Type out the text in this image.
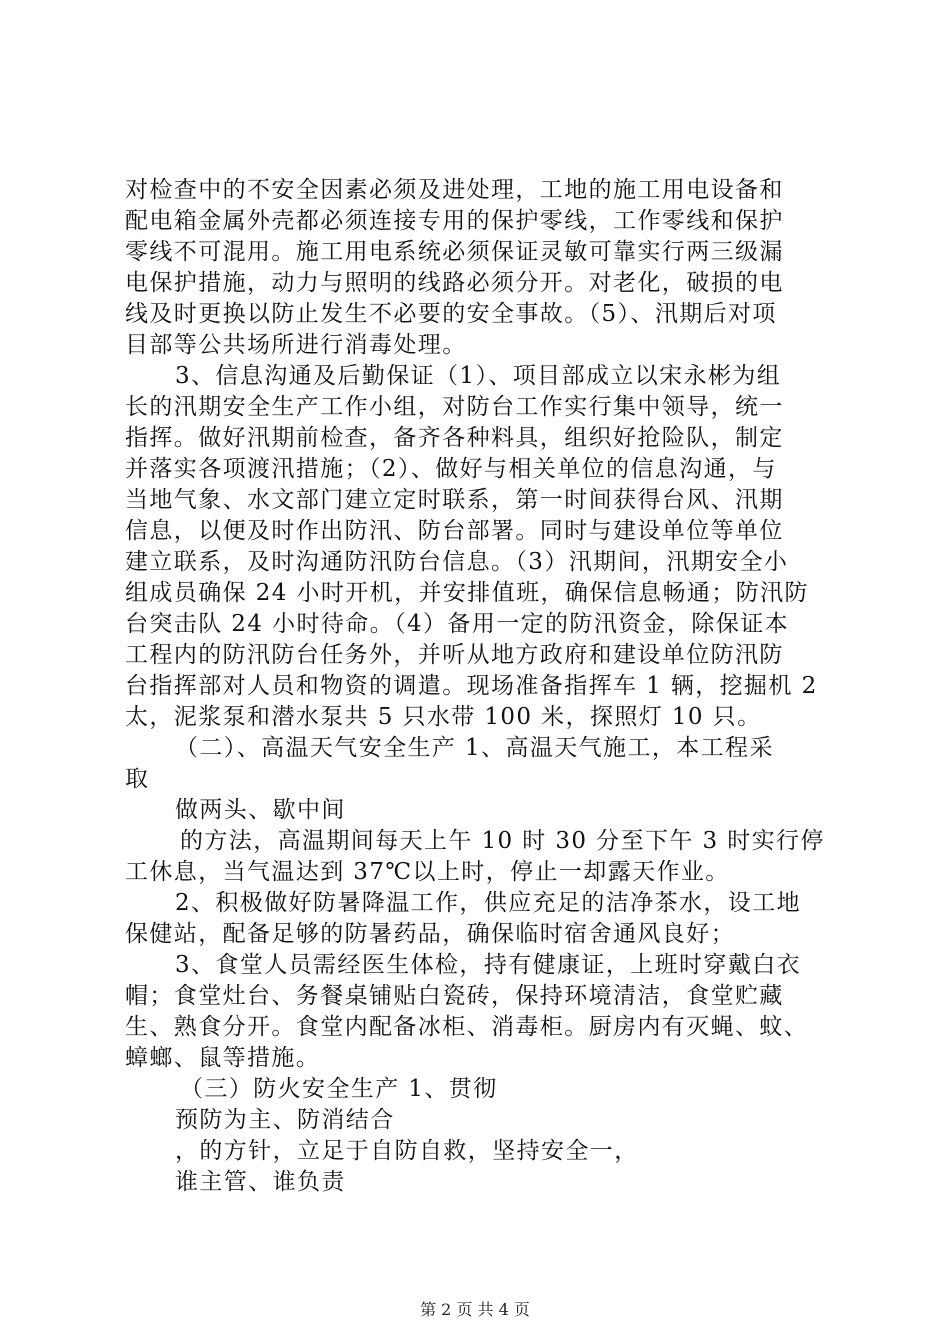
对检查中的不安全因素必须及进处理，工地的施工用电设备和
配电箱金属外壳都必须连接专用的保护零线，工作零线和保护
零线不可混用。施工用电系统必须保证灵敏可靠实行两三级漏
电保护措施，动力与照明的线路必须分开。对老化，破损的电
线及时更换以防止发生不必要的安全事故。（5）、汛期后对项
目部等公共场所进行消毒处理。
3、信息沟通及后勤保证（1）、项目部成立以宋永彬为组
长的汛期安全生产工作小组，对防台工作实行集中领导，统一
指挥。做好汛期前检查，备齐各种料具，组织好抢险队，制定
并落实各项渡汛措施；（2）、做好与相关单位的信息沟通，与
当地气象、水文部门建立定时联系，第一时间获得台风、汛期
信息，以便及时作出防汛、防台部署。同时与建设单位等单位
建立联系，及时沟通防汛防台信息。（3）汛期间，汛期安全小
组成员确保 24 小时开机，并安排值班，确保信息畅通；防汛防
台突击队 24 小时待命。（4）备用一定的防汛资金，除保证本
工程内的防汛防台任务外，并听从地方政府和建设单位防汛防
台指挥部对人员和物资的调遣。现场准备指挥车 1 辆，挖掘机 2
太，泥浆泵和潜水泵共 5 只水带 100 米，探照灯 10 只。
（二）、高温天气安全生产 1、高温天气施工，本工程采
取
做两头、歇中间
的方法，高温期间每天上午 10 时 30 分至下午 3 时实行停
工休息，当气温达到 37℃以上时，停止一却露天作业。
2、积极做好防暑降温工作，供应充足的洁净茶水，设工地
保健站，配备足够的防暑药品，确保临时宿舍通风良好；
3、食堂人员需经医生体检，持有健康证，上班时穿戴白衣
帽；食堂灶台、务餐桌铺贴白瓷砖，保持环境清洁，食堂贮藏
生、熟食分开。食堂内配备冰柜、消毒柜。厨房内有灭蝇、蚊、
蟑螂、鼠等措施。
（三）防火安全生产 1、贯彻
预防为主、防消结合
，的方针，立足于自防自救，坚持安全一，
谁主管、谁负责
第 2 页 共 4 页
